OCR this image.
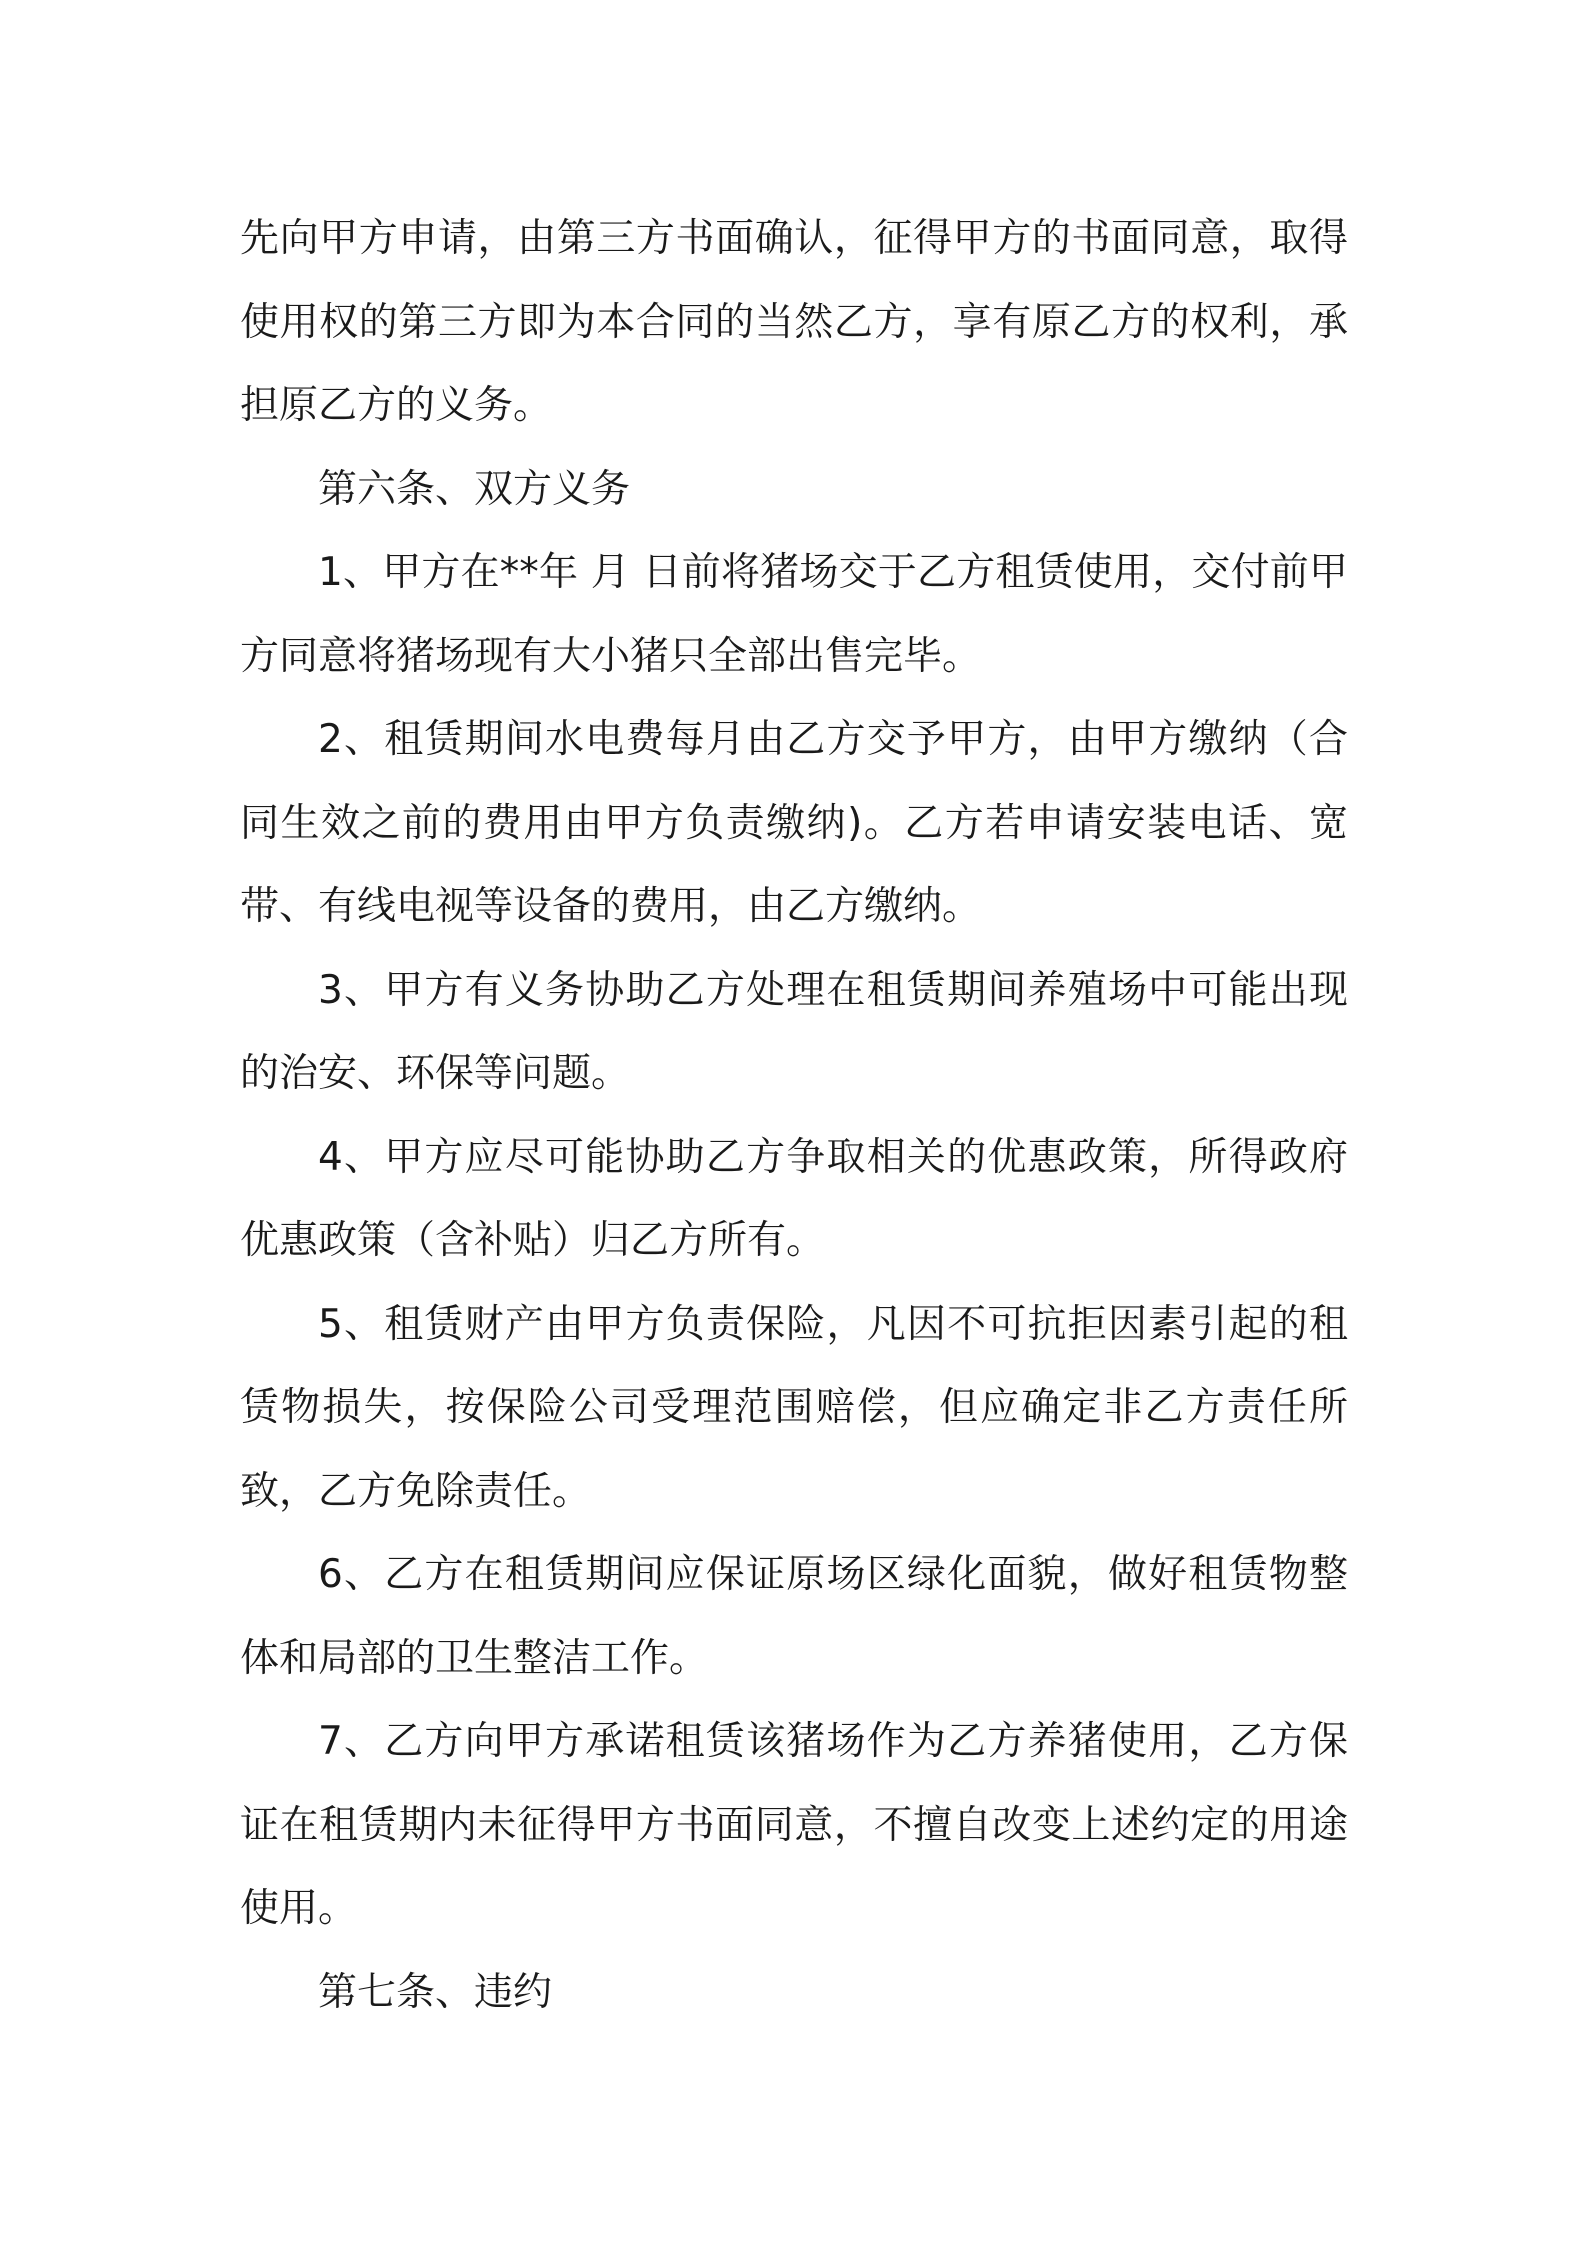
先向甲方申请，由第三方书面确认，征得甲方的书面同意，取得使用权的第三方即为本合同的当然乙方，享有原乙方的权利，承担原乙方的义务。

第六条、双方义务

1、甲方在**年 月 日前将猪场交于乙方租赁使用，交付前甲方同意将猪场现有大小猪只全部出售完毕。

2、租赁期间水电费每月由乙方交予甲方，由甲方缴纳（合同生效之前的费用由甲方负责缴纳)。乙方若申请安装电话、宽带、有线电视等设备的费用，由乙方缴纳。

3、甲方有义务协助乙方处理在租赁期间养殖场中可能出现的治安、环保等问题。

4、甲方应尽可能协助乙方争取相关的优惠政策，所得政府优惠政策（含补贴）归乙方所有。

5、租赁财产由甲方负责保险，凡因不可抗拒因素引起的租赁物损失，按保险公司受理范围赔偿，但应确定非乙方责任所致，乙方免除责任。

6、乙方在租赁期间应保证原场区绿化面貌，做好租赁物整体和局部的卫生整洁工作。

7、乙方向甲方承诺租赁该猪场作为乙方养猪使用，乙方保证在租赁期内未征得甲方书面同意，不擅自改变上述约定的用途使用。

第七条、违约
